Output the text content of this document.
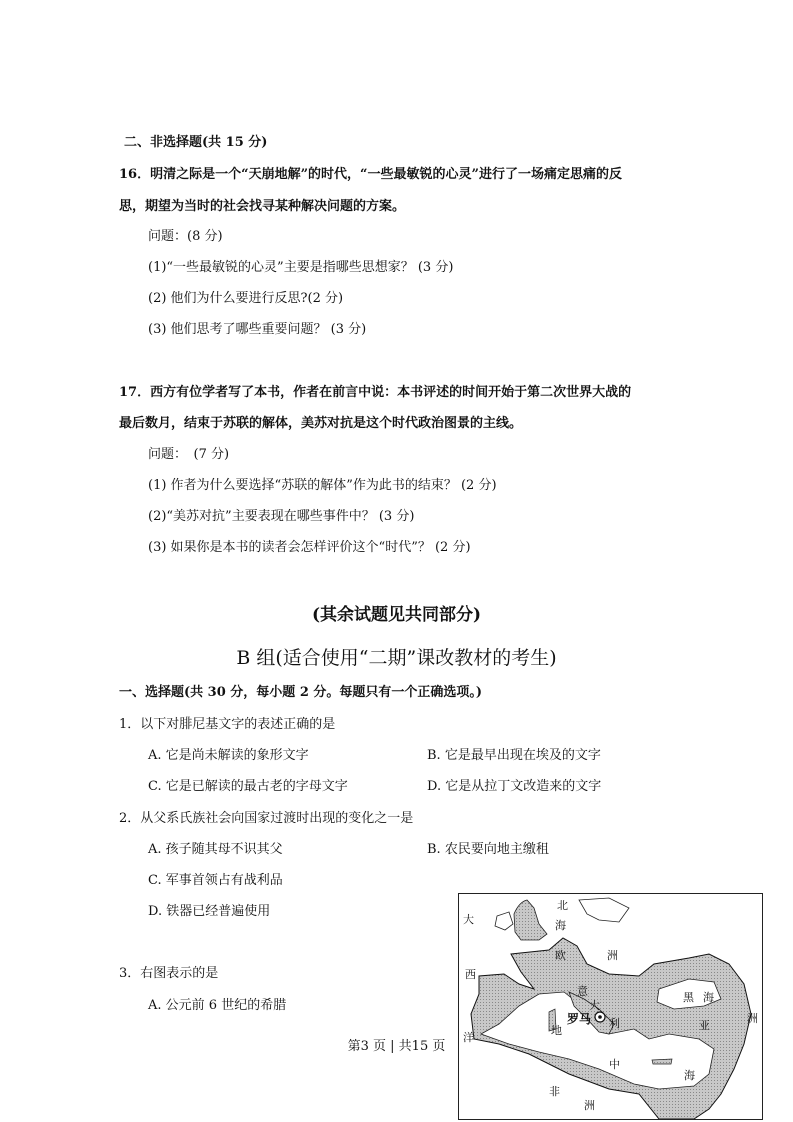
二、非选择题(共 15 分)
16．明清之际是一个“天崩地解”的时代，“一些最敏锐的心灵”进行了一场痛定思痛的反
思，期望为当时的社会找寻某种解决问题的方案。
问题：(8 分)
(1)“一些最敏锐的心灵”主要是指哪些思想家？ (3 分)
(2) 他们为什么要进行反思?(2 分)
(3) 他们思考了哪些重要问题？ (3 分)
17．西方有位学者写了本书，作者在前言中说：本书评述的时间开始于第二次世界大战的
最后数月，结束于苏联的解体，美苏对抗是这个时代政治图景的主线。
问题：　(7 分)
(1) 作者为什么要选择“苏联的解体”作为此书的结束？ (2 分)
(2)“美苏对抗”主要表现在哪些事件中？ (3 分)
(3) 如果你是本书的读者会怎样评价这个“时代”？ (2 分)
(其余试题见共同部分)
B 组(适合使用“二期”课改教材的考生)
一、选择题(共 30 分，每小题 2 分。每题只有一个正确选项。)
1．以下对腓尼基文字的表述正确的是
A. 它是尚未解读的象形文字	B. 它是最早出现在埃及的文字
C. 它是已解读的最古老的字母文字	D. 它是从拉丁文改造来的文字
2．从父系氏族社会向国家过渡时出现的变化之一是
A. 孩子随其母不识其父	B. 农民要向地主缴租
C. 军事首领占有战利品
D. 铁器已经普遍使用
3．右图表示的是
A. 公元前 6 世纪的希腊
第3 页 | 共15 页
大
西
洋
北
海
欧	洲
意
大
利
罗马
地
中
海
黑 海
亚
洲
非
洲
